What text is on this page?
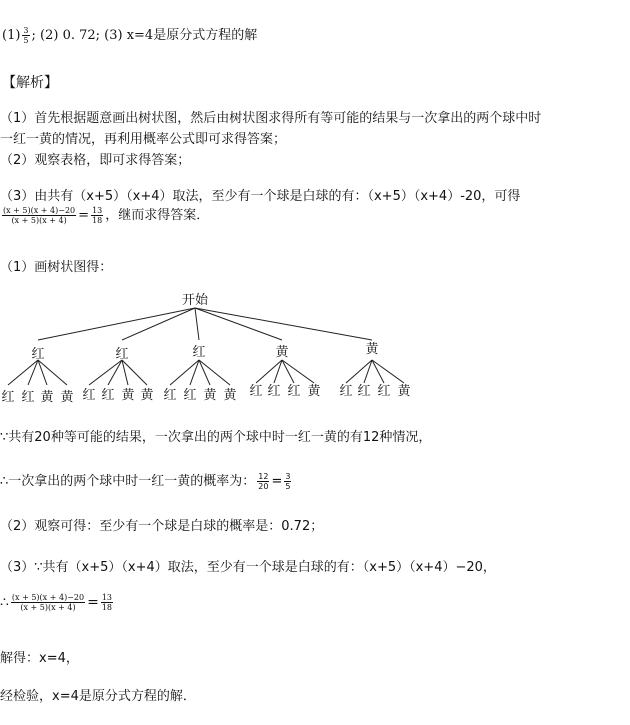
$(1) \frac{3}{5}$ ; (2) 0. 72; (3) x=4是原分式方程的解
【解析】
（1）首先根据题意画出树状图，然后由树状图求得所有等可能的结果与一次拿出的两个球中时
一红一黄的情况，再利用概率公式即可求得答案；
（2）观察表格，即可求得答案；
（3）由共有（x+5）（x+4）取法，至少有一个球是白球的有：（x+5）（x+4）-20，可得
$\frac{(x + 5)(x + 4)-20}{(x + 5)(x + 4)} = \frac{13}{18}$ ，继而求得答案．
（1）画树状图得：
开始
红	红	红	黄	黄
红 红 黄 黄 红 红 黄 黄 红 红 黄 黄 红 红 红 黄 红 红 红 黄
∵共有20种等可能的结果，一次拿出的两个球中时一红一黄的有12种情况，
∴一次拿出的两个球中时一红一黄的概率为： $\frac{12}{20} = \frac{3}{5}$
（2）观察可得：至少有一个球是白球的概率是：0.72；
（3）∵共有（x+5）（x+4）取法，至少有一个球是白球的有：（x+5）（x+4）−20，
∴ $\frac{(x + 5)(x + 4)-20}{(x + 5)(x + 4)} = \frac{13}{18}$
解得：x=4，
经检验，x=4是原分式方程的解．
